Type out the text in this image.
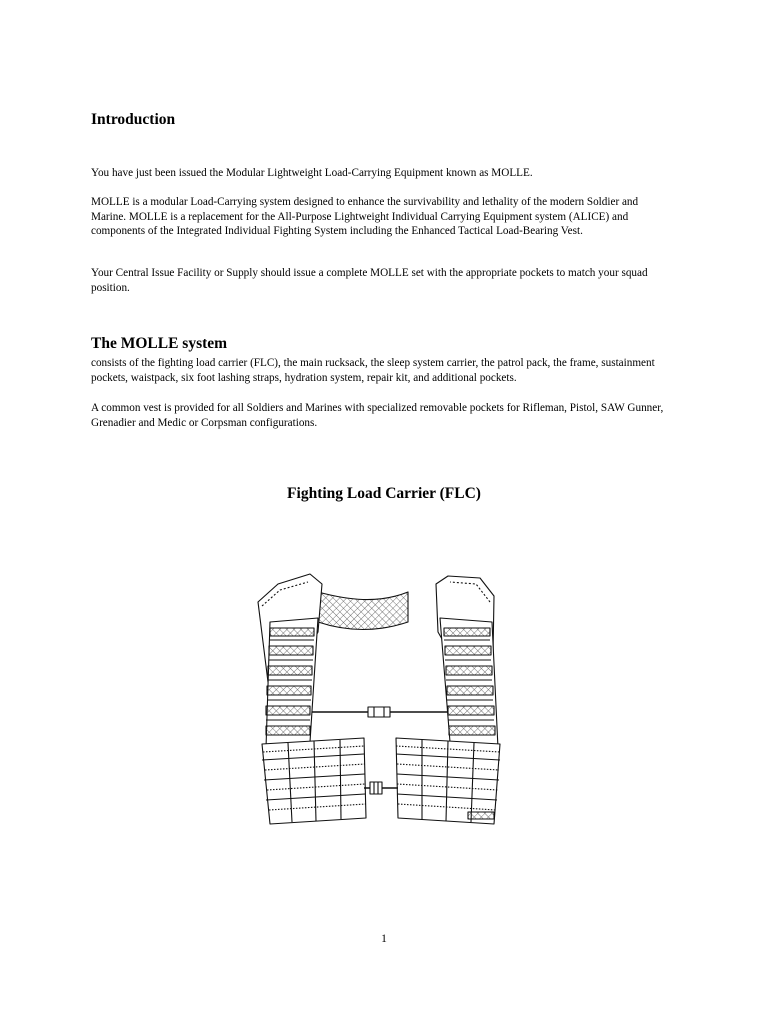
Introduction

You have just been issued the Modular Lightweight Load-Carrying Equipment known as MOLLE.

MOLLE is a modular Load-Carrying system designed to enhance the survivability and lethality of the modern Soldier and Marine. MOLLE is a replacement for the All-Purpose Lightweight Individual Carrying Equipment system (ALICE) and components of the Integrated Individual Fighting System including the Enhanced Tactical Load-Bearing Vest.

Your Central Issue Facility or Supply should issue a complete MOLLE set with the appropriate pockets to match your squad position.

The MOLLE system

consists of the fighting load carrier (FLC), the main rucksack, the sleep system carrier, the patrol pack, the frame, sustainment pockets, waistpack, six foot lashing straps, hydration system, repair kit, and additional pockets.

A common vest is provided for all Soldiers and Marines with specialized removable pockets for Rifleman, Pistol, SAW Gunner, Grenadier and Medic or Corpsman configurations.

Fighting Load Carrier (FLC)
1
